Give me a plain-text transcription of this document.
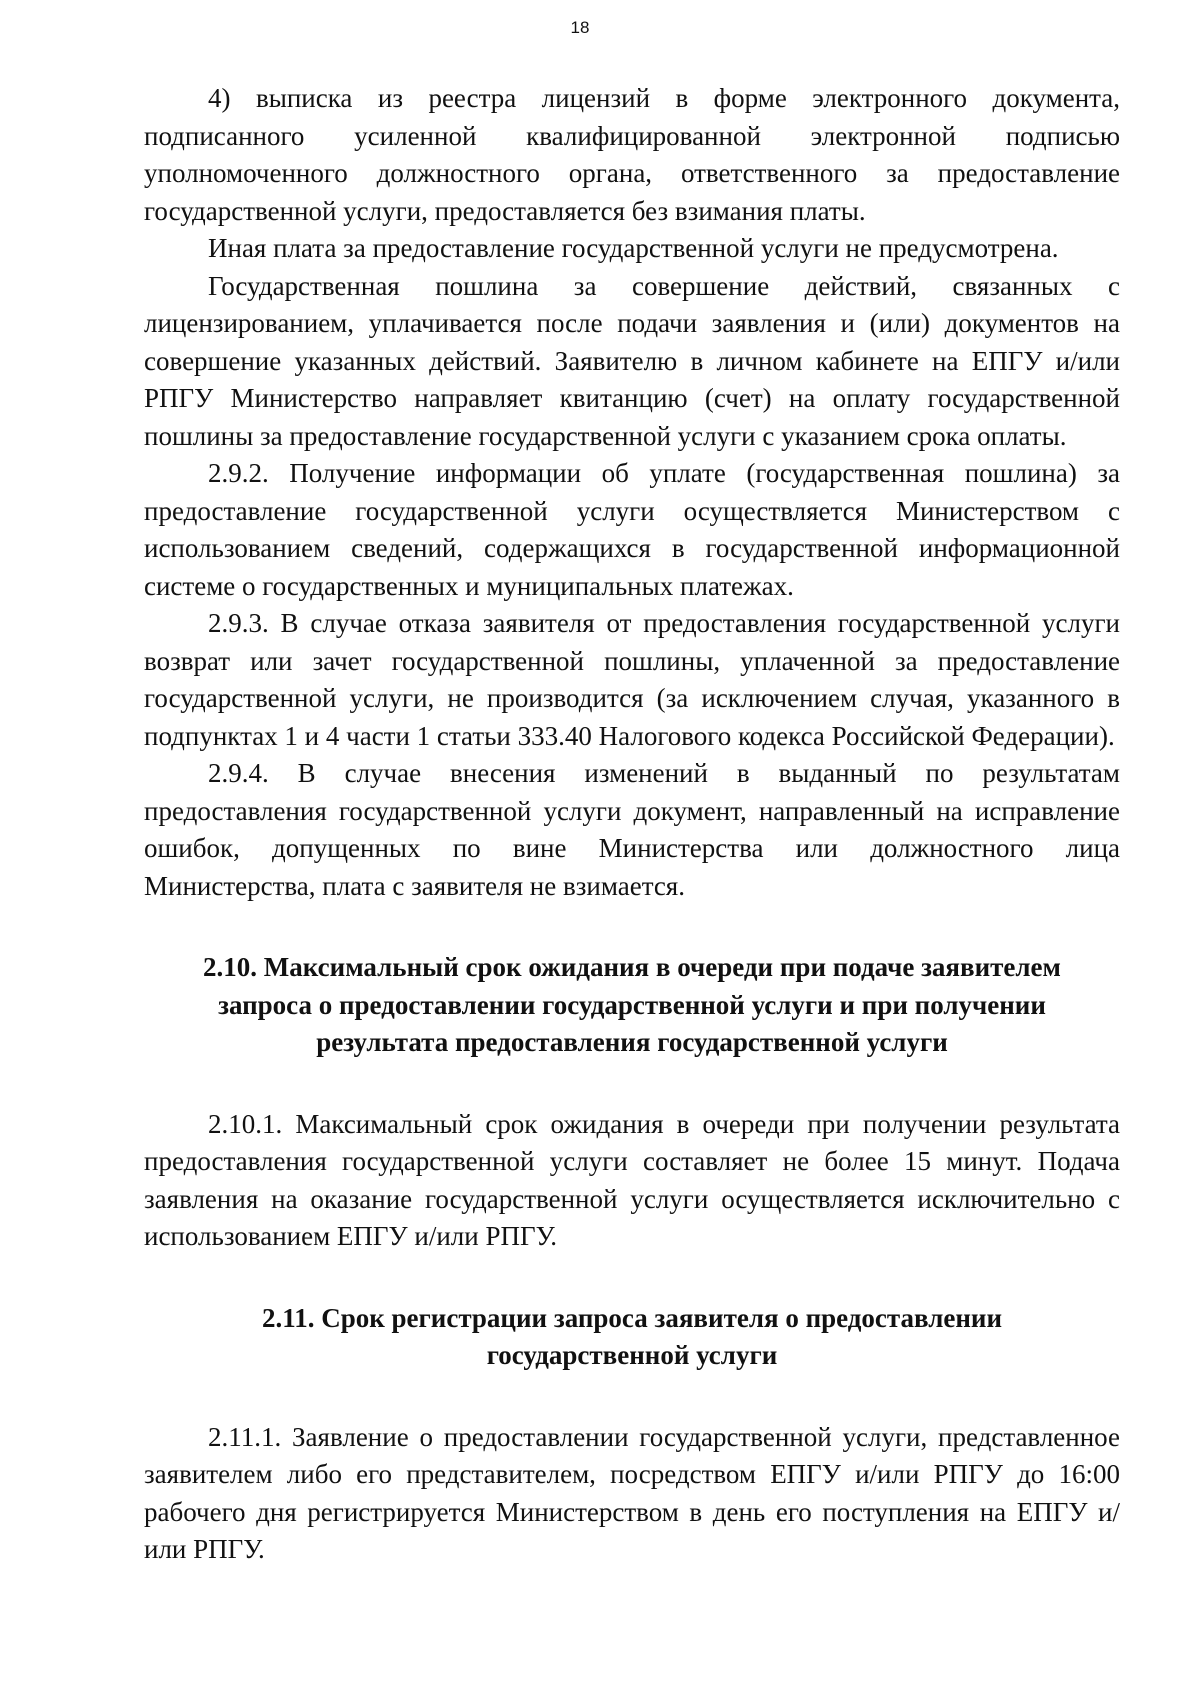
18

4) выписка из реестра лицензий в форме электронного документа, подписанного усиленной квалифицированной электронной подписью уполномоченного должностного органа, ответственного за предоставление государственной услуги, предоставляется без взимания платы.

Иная плата за предоставление государственной услуги не предусмотрена.

Государственная пошлина за совершение действий, связанных с лицензированием, уплачивается после подачи заявления и (или) документов на совершение указанных действий. Заявителю в личном кабинете на ЕПГУ и/или РПГУ Министерство направляет квитанцию (счет) на оплату государственной пошлины за предоставление государственной услуги с указанием срока оплаты.

2.9.2. Получение информации об уплате (государственная пошлина) за предоставление государственной услуги осуществляется Министерством с использованием сведений, содержащихся в государственной информационной системе о государственных и муниципальных платежах.

2.9.3. В случае отказа заявителя от предоставления государственной услуги возврат или зачет государственной пошлины, уплаченной за предоставление государственной услуги, не производится (за исключением случая, указанного в подпунктах 1 и 4 части 1 статьи 333.40 Налогового кодекса Российской Федерации).

2.9.4. В случае внесения изменений в выданный по результатам предоставления государственной услуги документ, направленный на исправление ошибок, допущенных по вине Министерства или должностного лица Министерства, плата с заявителя не взимается.

2.10. Максимальный срок ожидания в очереди при подаче заявителем
запроса о предоставлении государственной услуги и при получении
результата предоставления государственной услуги

2.10.1. Максимальный срок ожидания в очереди при получении результата предоставления государственной услуги составляет не более 15 минут. Подача заявления на оказание государственной услуги осуществляется исключительно с использованием ЕПГУ и/или РПГУ.

2.11. Срок регистрации запроса заявителя о предоставлении
государственной услуги

2.11.1. Заявление о предоставлении государственной услуги, представленное заявителем либо его представителем, посредством ЕПГУ и/или РПГУ до 16:00 рабочего дня регистрируется Министерством в день его поступления на ЕПГУ и/или РПГУ.
